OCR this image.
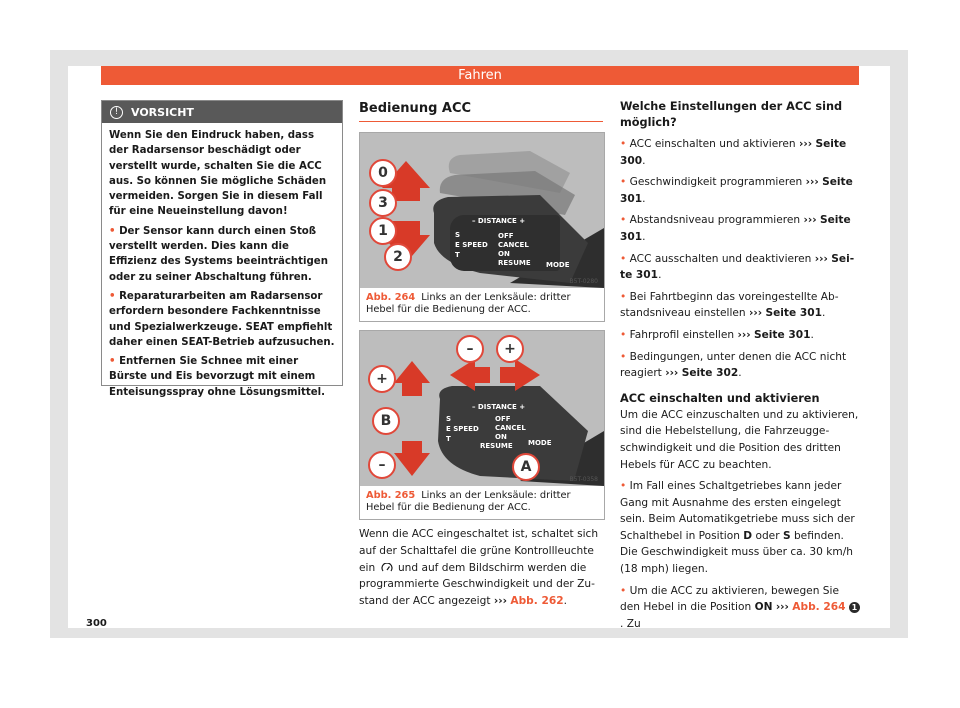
Fahren
!	VORSICHT

Wenn Sie den Eindruck haben, dass der Radarsensor beschädigt oder verstellt wurde, schalten Sie die ACC aus. So können Sie mögliche Schäden vermeiden. Sorgen Sie in diesem Fall für eine Neueinstellung davon!

• Der Sensor kann durch einen Stoß verstellt werden. Dies kann die Effizienz des Systems beeinträchtigen oder zu seiner Abschaltung führen.

• Reparaturarbeiten am Radarsensor erfordern besondere Fachkenntnisse und Spezialwerkzeuge. SEAT empfiehlt daher einen SEAT-Betrieb aufzusuchen.

• Entfernen Sie Schnee mit einer Bürste und Eis bevorzugt mit einem Enteisungsspray ohne Lösungsmittel.

Bedienung ACC
– DISTANCE +
S
E SPEED
T
OFF
CANCEL
ON
RESUME MODE
0
3
1
2
B5T-0280
Abb. 264 Links an der Lenksäule: dritter Hebel für die Bedienung der ACC.
– DISTANCE +
S
E SPEED
T
OFF
CANCEL
ON
RESUME MODE
–	+
+
B
–	A
B5T-0358
Abb. 265 Links an der Lenksäule: dritter Hebel für die Bedienung der ACC.
Wenn die ACC eingeschaltet ist, schaltet sich auf der Schalttafel die grüne Kontrollleuchte ein und auf dem Bildschirm werden die programmierte Geschwindigkeit und der Zustand der ACC angezeigt ››› Abb. 262.
Welche Einstellungen der ACC sind möglich?

• ACC einschalten und aktivieren ››› Seite 300.

• Geschwindigkeit programmieren ››› Seite 301.

• Abstandsniveau programmieren ››› Seite 301.

• ACC ausschalten und deaktivieren ››› Seite 301.

• Bei Fahrtbeginn das voreingestellte Abstandsniveau einstellen ››› Seite 301.

• Fahrprofil einstellen ››› Seite 301.

• Bedingungen, unter denen die ACC nicht reagiert ››› Seite 302.

ACC einschalten und aktivieren

Um die ACC einzuschalten und zu aktivieren, sind die Hebelstellung, die Fahrzeuggeschwindigkeit und die Position des dritten Hebels für ACC zu beachten.

• Im Fall eines Schaltgetriebes kann jeder Gang mit Ausnahme des ersten eingelegt sein. Beim Automatikgetriebe muss sich der Schalthebel in Position D oder S befinden. Die Geschwindigkeit muss über ca. 30 km/h (18 mph) liegen.

• Um die ACC zu aktivieren, bewegen Sie den Hebel in die Position ON ››› Abb. 264 1. Zu

300
